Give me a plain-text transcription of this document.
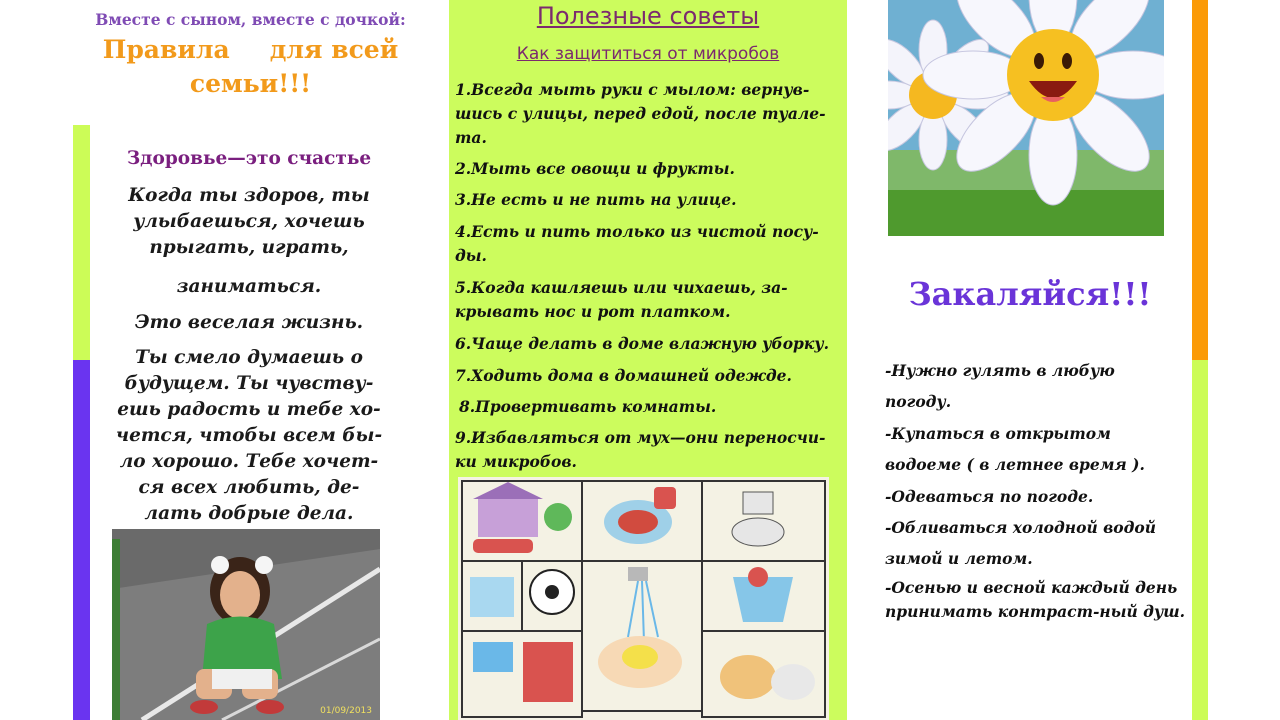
Вместе с сыном, вместе с дочкой:
Правила для всей
семьи!!!
Здоровье—это счастье

Когда ты здоров, ты улыбаешься, хочешь прыгать, играть,

заниматься.

Это веселая жизнь.

Ты смело думаешь о будущем. Ты чувству-ешь радость и тебе хо-чется, чтобы всем бы-ло хорошо. Тебе хочет-ся всех любить, де-лать добрые дела.

01/09/2013
Полезные советы
Как защититься от микробов

1.Всегда мыть руки с мылом: вернув-шись с улицы, перед едой, после туале-та.

2.Мыть все овощи и фрукты.

3.Не есть и не пить на улице.

4.Есть и пить только из чистой посу-ды.

5.Когда кашляешь или чихаешь, за-крывать нос и рот платком.

6.Чаще делать в доме влажную уборку.

7.Ходить дома в домашней одежде.

8.Провертивать комнаты.

9.Избавляться от мух—они переносчи-ки микробов.

Закаляйся!!!

-Нужно гулять в любую погоду.

-Купаться в открытом водоеме ( в летнее время ).

-Одеваться по погоде.

-Обливаться холодной водой зимой и летом.

-Осенью и весной каждый день принимать контраст-ный душ.
